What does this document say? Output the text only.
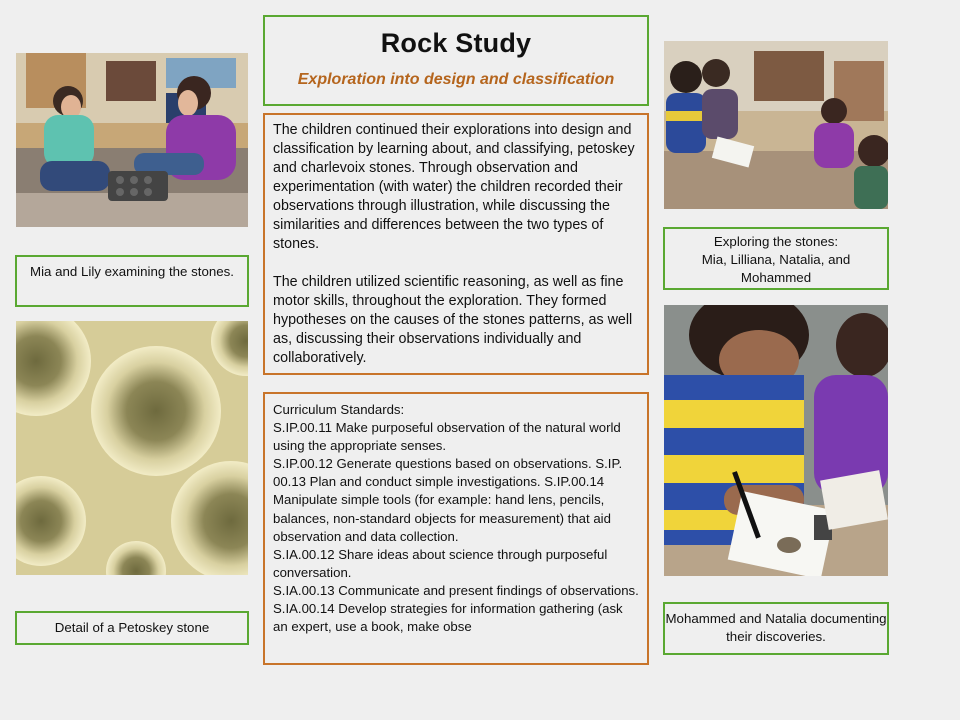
Rock Study
Exploration into design and classification

The children continued their explorations into design and classification by learning about, and classifying, petoskey and charlevoix stones. Through observation and experimentation (with water) the children recorded their observations through illustration, while discussing the similarities and differences between the two types of stones.

The children utilized scientific reasoning, as well as fine motor skills, throughout the exploration. They formed hypotheses on the causes of the stones patterns, as well as, discussing their observations individually and collaboratively.

Curriculum Standards:
S.IP.00.11 Make purposeful observation of the natural world using the appropriate senses.
S.IP.00.12 Generate questions based on observations. S.IP. 00.13 Plan and conduct simple investigations. S.IP.00.14 Manipulate simple tools (for example: hand lens, pencils, balances, non-standard objects for measurement) that aid observation and data collection.
S.IA.00.12 Share ideas about science through purposeful conversation.
S.IA.00.13 Communicate and present findings of observations.
S.IA.00.14 Develop strategies for information gathering (ask an expert, use a book, make obse
Mia and Lily examining the stones.
Detail of a Petoskey stone
Exploring the stones:
Mia, Lilliana, Natalia, and Mohammed
Mohammed and Natalia documenting their discoveries.
